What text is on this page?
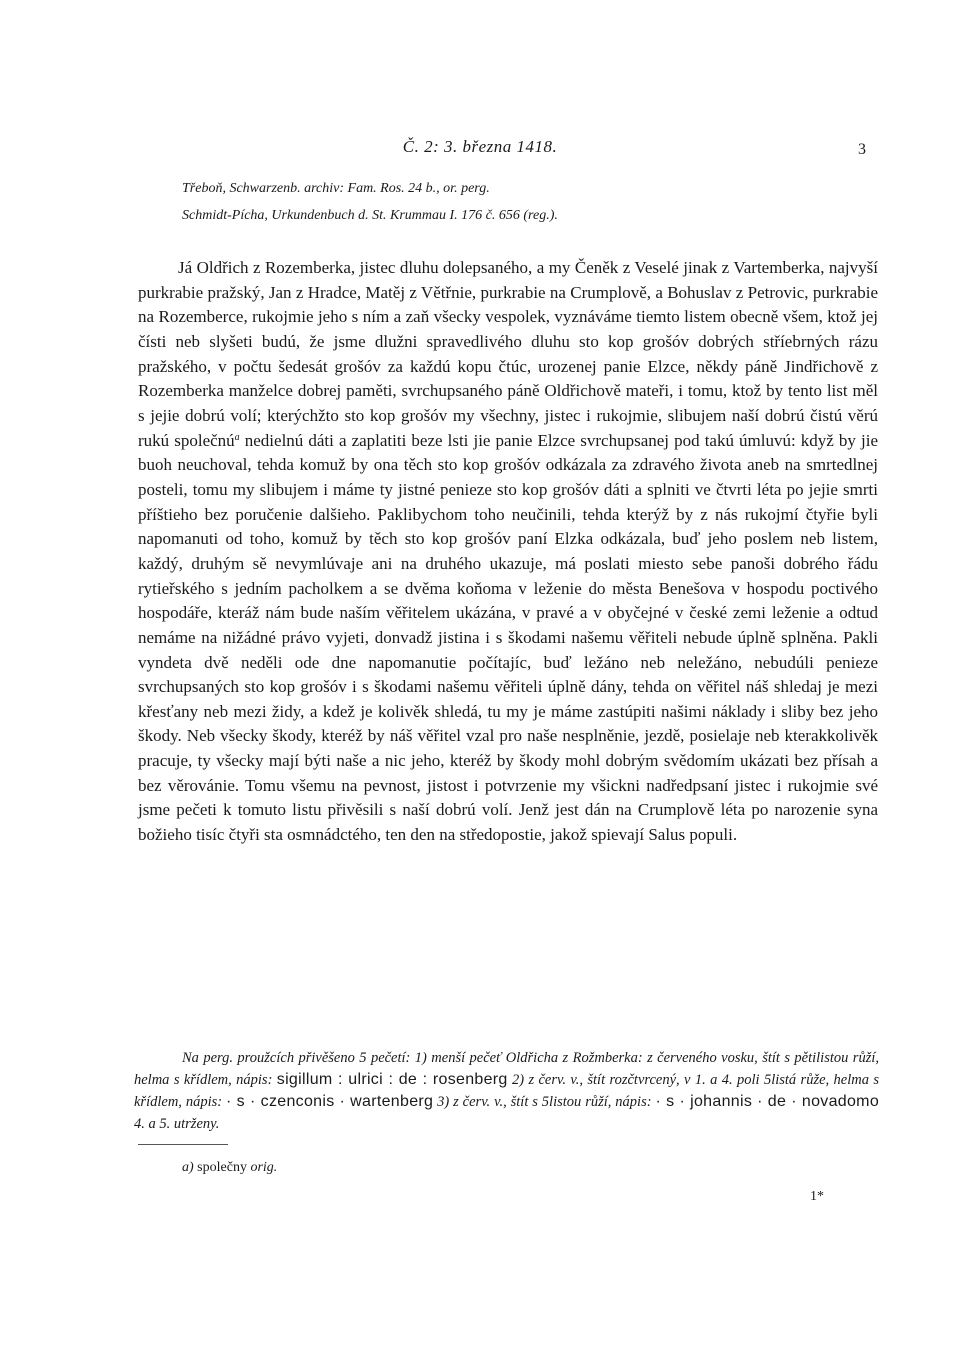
Č. 2: 3. března 1418.	3
Třeboň, Schwarzenb. archiv: Fam. Ros. 24 b., or. perg.
Schmidt-Pícha, Urkundenbuch d. St. Krummau I. 176 č. 656 (reg.).
Já Oldřich z Rozemberka, jistec dluhu dolepsaného, a my Čeněk z Veselé jinak z Vartemberka, najvyší purkrabie pražský, Jan z Hradce, Matěj z Větřnie, purkrabie na Crumplově, a Bohuslav z Petrovic, purkrabie na Rozemberce, rukojmie jeho s ním a zaň všecky vespolek, vyznáváme tiemto listem obecně všem, ktož jej čísti neb slyšeti budú, že jsme dlužni spravedlivého dluhu sto kop grošóv dobrých stříebrných rázu pražského, v počtu šedesát grošóv za každú kopu čtúc, urozenej panie Elzce, někdy páně Jindřichově z Rozemberka manželce dobrej paměti, svrchupsaného páně Oldřichově mateři, i tomu, ktož by tento list měl s jejie dobrú volí; kterýchžto sto kop grošóv my všechny, jistec i rukojmie, slibujem naší dobrú čistú věrú rukú společnú$^a$ nedielnú dáti a zaplatiti beze lsti jie panie Elzce svrchupsanej pod takú úmluvú: když by jie buoh neuchoval, tehda komuž by ona těch sto kop grošóv odkázala za zdravého života aneb na smrtedlnej posteli, tomu my slibujem i máme ty jistné penieze sto kop grošóv dáti a splniti ve čtvrti léta po jejie smrti příštieho bez poručenie dalšieho. Paklibychom toho neučinili, tehda kterýž by z nás rukojmí čtyřie byli napomanuti od toho, komuž by těch sto kop grošóv paní Elzka odkázala, buď jeho poslem neb listem, každý, druhým sě nevymlúvaje ani na druhého ukazuje, má poslati miesto sebe panoši dobrého řádu rytieřského s jedním pacholkem a se dvěma koňoma v leženie do města Benešova v hospodu poctivého hospodáře, kteráž nám bude naším věřitelem ukázána, v pravé a v obyčejné v české zemi leženie a odtud nemáme na nižádné právo vyjeti, donvadž jistina i s škodami našemu věřiteli nebude úplně splněna. Pakli vyndeta dvě neděli ode dne napomanutie počítajíc, buď ležáno neb neležáno, nebudúli penieze svrchupsaných sto kop grošóv i s škodami našemu věřiteli úplně dány, tehda on věřitel náš shledaj je mezi křesťany neb mezi židy, a kdež je kolivěk shledá, tu my je máme zastúpiti našimi náklady i sliby bez jeho škody. Neb všecky škody, kteréž by náš věřitel vzal pro naše nesplněnie, jezdě, posielaje neb kterakkolivěk pracuje, ty všecky mají býti naše a nic jeho, kteréž by škody mohl dobrým svědomím ukázati bez přísah a bez věrovánie. Tomu všemu na pevnost, jistost i potvrzenie my všickni nadředpsaní jistec i rukojmie své jsme pečeti k tomuto listu přivěsili s naší dobrú volí. Jenž jest dán na Crumplově léta po narozenie syna božieho tisíc čtyři sta osmnádctého, ten den na středopostie, jakož spievají Salus populi.
Na perg. proužcích přivěšeno 5 pečetí: 1) menší pečeť Oldřicha z Rožmberka: z červeného vosku, štít s pětilistou růží, helma s křídlem, nápis: sigillum : ulrici : de : rosenberg 2) z červ. v., štít rozčtvrcený, v 1. a 4. poli 5listá růže, helma s křídlem, nápis: · s · czenconis · wartenberg 3) z červ. v., štít s 5listou růží, nápis: · s · johannis · de · novadomo 4. a 5. utrženy.
a) společny orig.
1*
